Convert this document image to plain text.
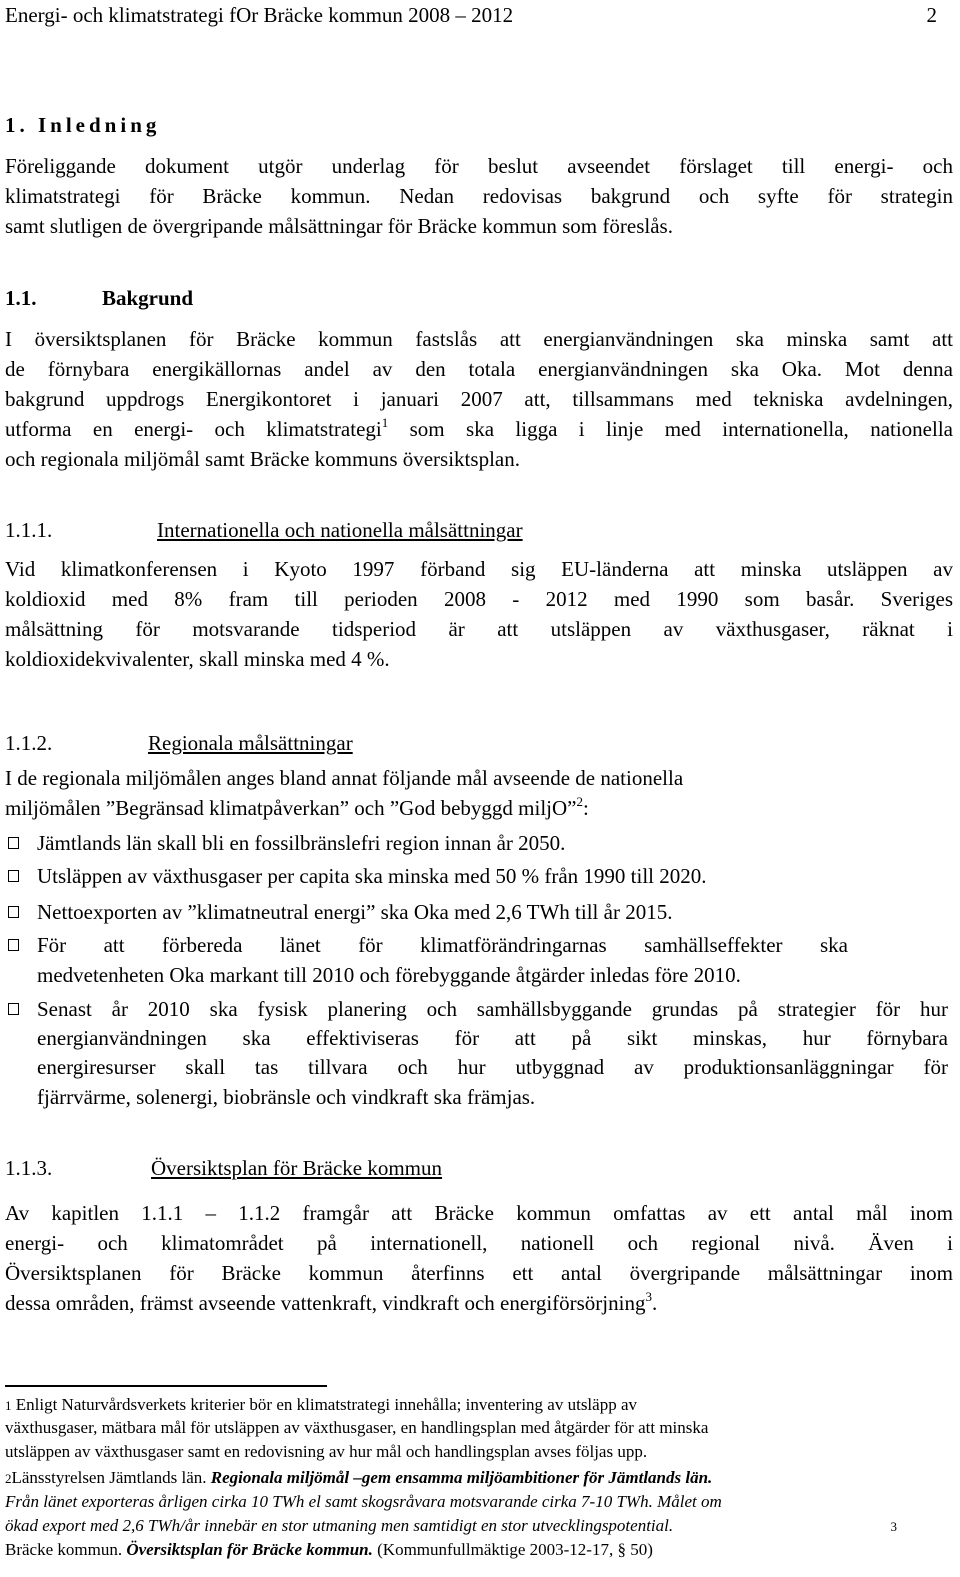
Energi- och klimatstrategi fOr Bräcke kommun 2008 – 2012	2
1. Inledning
Föreliggande dokument utgör underlag för beslut avseendet förslaget till energi- och
klimatstrategi för Bräcke kommun. Nedan redovisas bakgrund och syfte för strategin
samt slutligen de övergripande målsättningar för Bräcke kommun som föreslås.
1.1.	Bakgrund
I översiktsplanen för Bräcke kommun fastslås att energianvändningen ska minska samt att
de förnybara energikällornas andel av den totala energianvändningen ska Oka. Mot denna
bakgrund uppdrogs Energikontoret i januari 2007 att, tillsammans med tekniska avdelningen,
utforma en energi- och klimatstrategi$^1$ som ska ligga i linje med internationella, nationella
och regionala miljömål samt Bräcke kommuns översiktsplan.
1.1.1.	Internationella och nationella målsättningar
Vid klimatkonferensen i Kyoto 1997 förband sig EU-länderna att minska utsläppen av
koldioxid med 8% fram till perioden 2008 - 2012 med 1990 som basår. Sveriges
målsättning för motsvarande tidsperiod är att utsläppen av växthusgaser, räknat i
koldioxidekvivalenter, skall minska med 4 %.
1.1.2.	Regionala målsättningar
I de regionala miljömålen anges bland annat följande mål avseende de nationella
miljömålen ”Begränsad klimatpåverkan” och ”God bebyggd miljO”$^2$:
Jämtlands län skall bli en fossilbränslefri region innan år 2050.
Utsläppen av växthusgaser per capita ska minska med 50 % från 1990 till 2020.
Nettoexporten av ”klimatneutral energi” ska Oka med 2,6 TWh till år 2015.
För att förbereda länet för klimatförändringarnas samhällseffekter ska
medvetenheten Oka markant till 2010 och förebyggande åtgärder inledas före 2010.
Senast år 2010 ska fysisk planering och samhällsbyggande grundas på strategier för hur
energianvändningen ska effektiviseras för att på sikt minskas, hur förnybara
energiresurser skall tas tillvara och hur utbyggnad av produktionsanläggningar för
fjärrvärme, solenergi, biobränsle och vindkraft ska främjas.
1.1.3.	Översiktsplan för Bräcke kommun
Av kapitlen 1.1.1 – 1.1.2 framgår att Bräcke kommun omfattas av ett antal mål inom
energi- och klimatområdet på internationell, nationell och regional nivå. Även i
Översiktsplanen för Bräcke kommun återfinns ett antal övergripande målsättningar inom
dessa områden, främst avseende vattenkraft, vindkraft och energiförsörjning$^3$.
1 Enligt Naturvårdsverkets kriterier bör en klimatstrategi innehålla; inventering av utsläpp av
växthusgaser, mätbara mål för utsläppen av växthusgaser, en handlingsplan med åtgärder för att minska
utsläppen av växthusgaser samt en redovisning av hur mål och handlingsplan avses följas upp.
2Länsstyrelsen Jämtlands län. Regionala miljömål –gem ensamma miljöambitioner för Jämtlands län.
Från länet exporteras årligen cirka 10 TWh el samt skogsråvara motsvarande cirka 7-10 TWh. Målet om
ökad export med 2,6 TWh/år innebär en stor utmaning men samtidigt en stor utvecklingspotential.	3
Bräcke kommun. Översiktsplan för Bräcke kommun. (Kommunfullmäktige 2003-12-17, § 50)
